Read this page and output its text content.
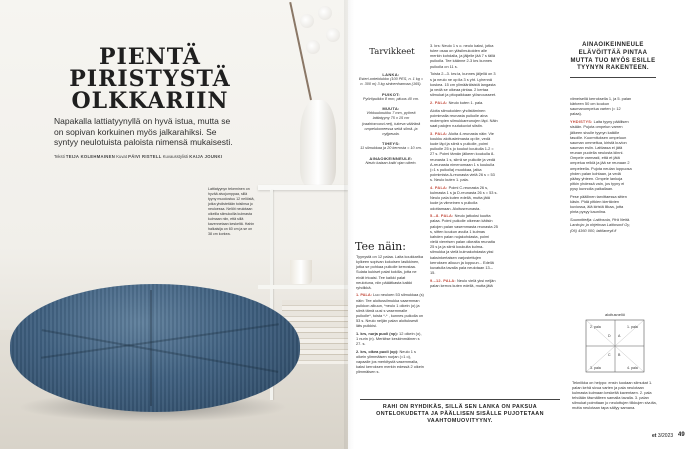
PIENTÄ
PIRISTYSTÄ
OLKKARIIN
Napakalla lattiatyynyllä on hyvä istua, mutta se on sopivan korkuinen myös jalkarahiksi. Se syntyy neulotuista paloista nimensä mukaisesti.
Teksti TEIJA KOLEHMAINEN Kuvat PÄIVI RISTELL Kuvausstylisti KAIJA JOUNKI
Lattiatyynyn tekeminen on hyvää aivojumppaa, sillä tyyny muodostuu 12 neliöstä, jotka yhdistetään toisiinsa jo neuloessa. Neliöt neulotaan oikeilla silmukoilla kulmasta kulmaan niin, että sillä kavennetaan keskeltä. Hahin halkaisija on 60 cm ja se on 38 cm korkea.
Tarvikkeet
LANKA:
Esteri-ontelolukko (100 PES, n. 1 kg = n. 300 m) 3 kg sininenharmaa (165).
PUIKOT:
Pyöröpuikko 8 mm, pituus 40 cm.
MUUTA:
Virkkuukoukku 7 mm, pyöreä lattiatyyny 75 x 15 cm (vaahtomuovi.net), tukeva vääränä ompelukoneessa sekä silmä- ja nyljpeuda.
TIHEYS:
11 silmukkaa ja 20 kerrosta = 10 cm.
AINAOIKEINNEULE:
Neulo kaiaan kaiki ojan oikein.
Tee näin:

Tyynystä on 12 palaa. Laita koukkarika kylkeen sopivan kokoisen lasikkinen, jotka se pohkaa puikolle kerrostaa. Sulata kukiset palat kokilla, jotta ne eivät irtoaisi. Tee kaikki palat neulotuna, niin pääätkasta kaikki ryhdikkä.

1. PALA: Luo neuloen 53 silmukkaa (s) näin: Tee aloitussilmukka vaaemman puikkon alkuun, *neulo 1 oikein (o) ja siirrä tämä uusi s vasemmalle puikolle*, toista *-* , kunnes puikolla on 53 s. Neulo neljän palan aloituksesti läts puikkisi.

1. krs, nurja puoli (np): 12 oikein (o), 1 nurin (n). Merkitse keskimmäinen s 27. s.

2. krs, oikea puoli (op): Neulo 1 s oikein ylimmäisen nurjan (=1 o), vapaalle jos merkitystä vasemmalla, kaksi kerroksen merkin edessä 2 oikein ylimmäisen s.

3. krs: Neulo 1 s o. neulo kaksi, jotka tulee osaa on yläsilmukoiden alle merkin kohdalla, ja jäljelle jää 7 s tällä puikolla. Tee käänne 2-3 krs kunnes puikolla on 11 s.

Toista 2.–3. krs:ia, kunnes jäljellä on 3 s ja neulo ne op:lla 3 s yht. Lyhennä koskea. 15 cm ylimääräisistä langasta ja vedä se oikeaa pintaa. 2 kertaa silmukat ja pitopaikkaan ylösnousseet.

2. PALA: Neulo kuten 1. pala.

Aloita silmukoiden yhdistäminen poimimalla reunasta puikolle aina molempien silmukkareunojen läpi. Näin saat palojen ruutukuviot siistin.

3. PALA: Aloita 4-reunasta näin: Vie koukku aloitusleimasta op:lle, vedä kude läpi ja siirrä s puikolle, poimi puikolle 25 s jo koukut koukulla 1-2 = 27 s. Poimi tämän jälkeen koukulla 8-reunasta 1 s, siirrä se puikolle ja vedä A-reunasta nimenomaan 1 s koukulla (=1 s puikolla) muokkaa, jatka poimimista A-reunasta vielä 26 s = 53 s. Neulo kuten 1. pala.

4. PALA: Poimi C-reunasta 26 s, kulmasta 1 s ja D-reunasta 26 s = 53 s. Neulo pala kuten edellä, mutta jätä kude ja viimeinen s puikolla odottamaan. Aloitusreunasta.

5.–8. PALA: Neulo jatkoksi kuutta palaa. Poimi puikolle oikeean kätisin palojen palan vasemmasta reunasta 25 s, sitten koukun avulla 1 kulmas kahden palan nojakohdasta, poimi vielä viereisen palan oikealta reunalta 25 s ja ja siirrä koukulta kulma-silmukka ja vielä kulmakohdasta yksi kaksinkertaisen varjostettujen kerroksen alkuun ja loppuun... Edellä kuvatulla tavalla pala neulotaan 13.–15.

9.–12. PALA: Neulo vielä yksi neljän palan kerros kuten edellä, mutta jätä

AINAOIKEINNEULE ELÄVÖITTÄÄ PINTAA MUTTA TUO MYÖS ESILLE TYYNYN RAKENTEEN.

viimeisellä kerroksella 1, ja 5. palan kärkeen 50 cm koukun saumanompelua varten (= 12 palaa).

YHDISTYS: Laita tyyny päällisen sisään. Pujota ompelun varren jälkeen sivulle tyynyn kaikille tasoille. Kuormituksen ompeluun sauman ommeltua, kiristä kuvion sauman esiin. Lattiassa ei jätä reunan puolella neulosta kiinni. Ompele varmasti, että et jätä ompelua reikiä ja jää se reunaan 2 ompeleella. Pujota neulan loppuosa yhden palan kohtaan, ja vedä pääsy yhteen. Ompele lankoja pitkin yhdessä vain, jos tyyny ei pysy kunnolla paikallaan.

Pese päällinen tarvittaessa sitten käsin. Pidä pitkien kiertävien kuviossa, älä kiristä liikaa, jotta pinta pysyy kauniina.

Suunnittelija: Laitiosoia, Pirä Neitä. Lankoja: ja ohjelmaa Laitiosorii Oy, (06) 4360 000, laitilaneyli.fi

aloitusneliö
1. pala
2. pala
3. pala	4. pala
D A
B
C
Tekniikka on helppo: ensin luodaan silmukat 1. palan kehä sivua varten ja pala neulotaan kulmasta kulmaan keskeltä kaventaen. 2. pala tehdään täsmälleen samalla tavalla. 3. palan silmukat poimitaan jo neulottujen tilkkujen sivulta, mutta neulotaan tapa säilyy samana.
RAHI ON RYHDIKÄS, SILLÄ SEN LANKA ON PAKSUA ONTELOKUDETTA JA PÄÄLLISEN SISÄLLE PUJOTETAAN VAAHTOMUOVITYYNY.
et 3/2023 49
